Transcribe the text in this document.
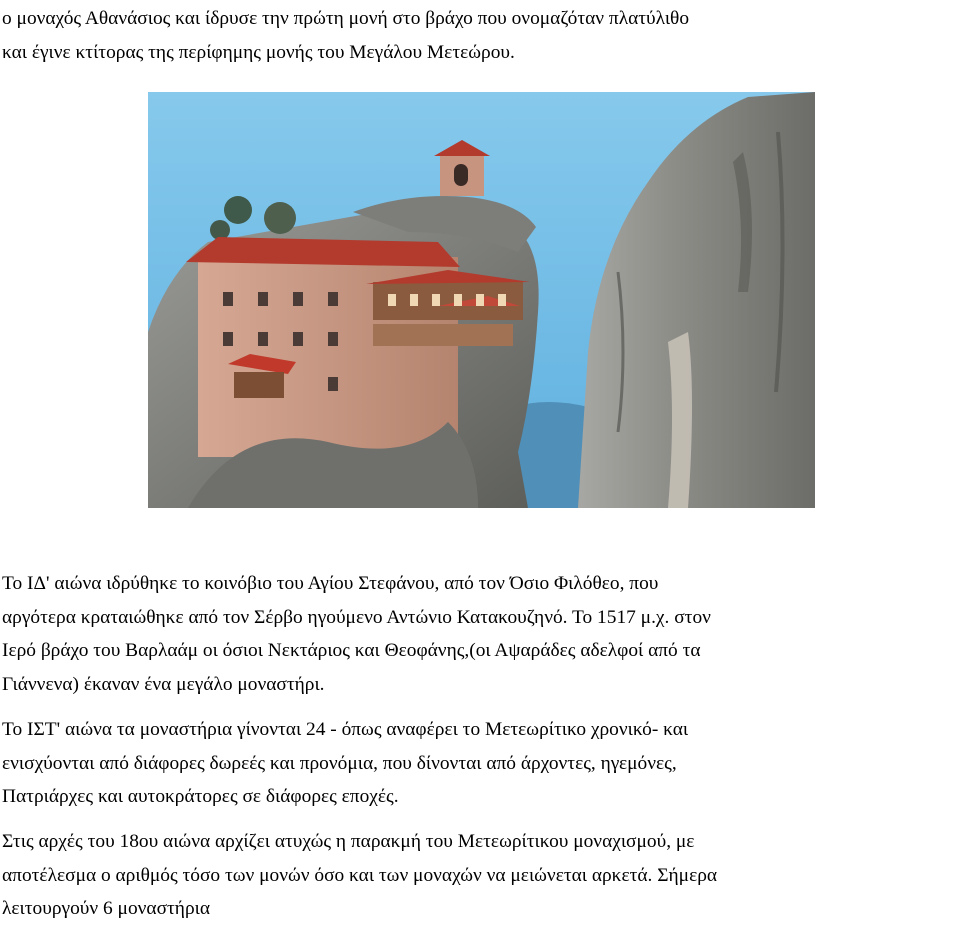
ο μοναχός Αθανάσιος και ίδρυσε την πρώτη μονή στο βράχο που ονομαζόταν πλατύλιθο
και έγινε κτίτορας της περίφημης μονής του Μεγάλου Μετεώρου.

Το ΙΔ' αιώνα ιδρύθηκε το κοινόβιο του Αγίου Στεφάνου, από τον Όσιο Φιλόθεο, που
αργότερα κραταιώθηκε από τον Σέρβο ηγούμενο Αντώνιο Κατακουζηνό. Το 1517 μ.χ. στον
Ιερό βράχο του Βαρλαάμ οι όσιοι Νεκτάριος και Θεοφάνης,(οι Αψαράδες αδελφοί από τα
Γιάννενα) έκαναν ένα μεγάλο μοναστήρι.

Το ΙΣΤ' αιώνα τα μοναστήρια γίνονται 24 - όπως αναφέρει το Μετεωρίτικο χρονικό- και
ενισχύονται από διάφορες δωρεές και προνόμια, που δίνονται από άρχοντες, ηγεμόνες,
Πατριάρχες και αυτοκράτορες σε διάφορες εποχές.

Στις αρχές του 18ου αιώνα αρχίζει ατυχώς η παρακμή του Μετεωρίτικου μοναχισμού, με
αποτέλεσμα ο αριθμός τόσο των μονών όσο και των μοναχών να μειώνεται αρκετά. Σήμερα
λειτουργούν 6 μοναστήρια
